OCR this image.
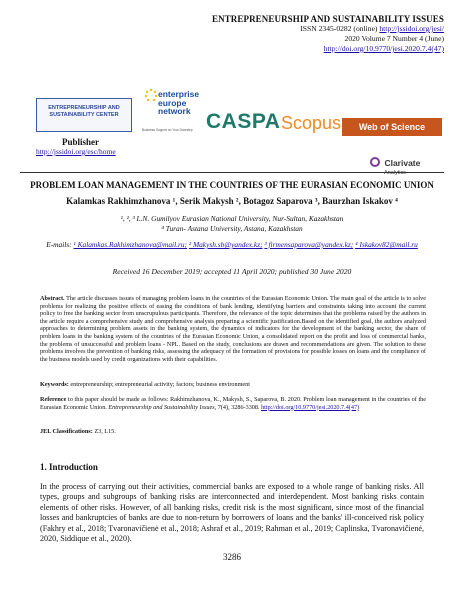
ENTREPRENEURSHIP AND SUSTAINABILITY ISSUES
ISSN 2345-0282 (online) http://jssidoi.org/jesi/
2020 Volume 7 Number 4 (June)
http://doi.org/10.9770/jesi.2020.7.4(47)
ENTREPRENEURSHIP AND SUSTAINABILITY CENTER
enterprise
europe
network
Business Support on Your Doorstep CASPA Scopus	Web of Science
Publisher
http://jssidoi.org/esc/home
Clarivate
Analytics
PROBLEM LOAN MANAGEMENT IN THE COUNTRIES OF THE EURASIAN ECONOMIC UNION
Kalamkas Rakhimzhanova ¹, Serik Makysh ², Botagoz Saparova ³, Baurzhan Iskakov ⁴
¹, ², ³ L.N. Gumilyov Eurasian National University, Nur-Sultan, Kazakhstan
⁴ Turan- Astana University, Astana, Kazakhstan
E-mails: ¹ Kalamkas.Rakhimzhanova@mail.ru; ² Makysh.sb@yandex.kz; ³ firmensaparova@yandex.kz; ⁴ Iskakov82@mail.ru
Received 16 December 2019; accepted 11 April 2020; published 30 June 2020
Abstract. The article discusses issues of managing problem loans in the countries of the Eurasian Economic Union. The main goal of the article is to solve problems for realizing the positive effects of easing the conditions of bank lending, identifying barriers and constraints taking into account the current policy to free the banking sector from unscrupulous participants. Therefore, the relevance of the topic determines that the problems raised by the authors in the article require a comprehensive study and comprehensive analysis preparing a scientific justification.Based on the identified goal, the authors analyzed approaches to determining problem assets in the banking system, the dynamics of indicators for the development of the banking sector, the share of problem loans in the banking system of the countries of the Eurasian Economic Union, a consolidated report on the profit and loss of commercial banks, the problems of unsuccessful and problem loans - NPL. Based on the study, conclusions are drawn and recommendations are given. The solution to these problems involves the prevention of banking risks, assessing the adequacy of the formation of provisions for possible losses on loans and the compliance of the business models used by credit organizations with their capabilities.
Keywords: entrepreneurship; entrepreneurial activity; factors; business environment
Reference to this paper should be made as follows: Rakhimzhanova, K., Makysh, S., Saparova, B. 2020. Problem loan management in the countries of the Eurasian Economic Union. Entrepreneurship and Sustainability Issues, 7(4), 3286-3308. http://doi.org/10.9770/jesi.2020.7.4(47)
JEL Classifications: Z3, L15.
1. Introduction
In the process of carrying out their activities, commercial banks are exposed to a whole range of banking risks. All types, groups and subgroups of banking risks are interconnected and interdependent. Most banking risks contain elements of other risks. However, of all banking risks, credit risk is the most significant, since most of the financial losses and bankruptcies of banks are due to non-return by borrowers of loans and the banks' ill-conceived risk policy (Fakhry et al., 2018; Tvaronavičienė et al., 2018; Ashraf et al., 2019; Rahman et al., 2019; Caplinska, Tvaronavičienė, 2020, Siddique et al., 2020).
3286
